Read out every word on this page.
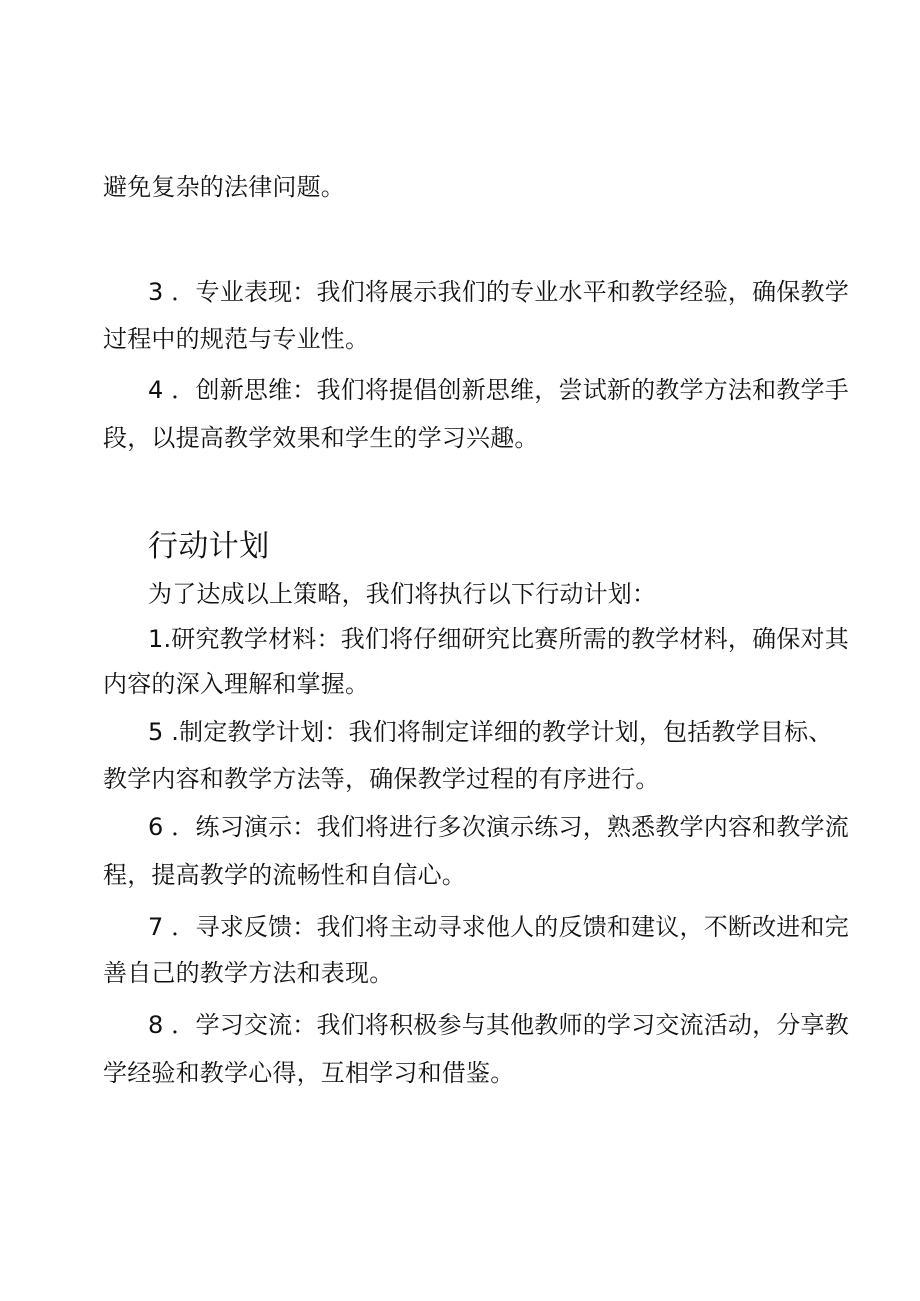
避免复杂的法律问题。
3 ．专业表现：我们将展示我们的专业水平和教学经验，确保教学
过程中的规范与专业性。
4 ．创新思维：我们将提倡创新思维，尝试新的教学方法和教学手
段，以提高教学效果和学生的学习兴趣。
行动计划
为了达成以上策略，我们将执行以下行动计划：
1.研究教学材料：我们将仔细研究比赛所需的教学材料，确保对其
内容的深入理解和掌握。
5 .制定教学计划：我们将制定详细的教学计划，包括教学目标、
教学内容和教学方法等，确保教学过程的有序进行。
6 ．练习演示：我们将进行多次演示练习，熟悉教学内容和教学流
程，提高教学的流畅性和自信心。
7 ．寻求反馈：我们将主动寻求他人的反馈和建议，不断改进和完
善自己的教学方法和表现。
8 ．学习交流：我们将积极参与其他教师的学习交流活动，分享教
学经验和教学心得，互相学习和借鉴。
